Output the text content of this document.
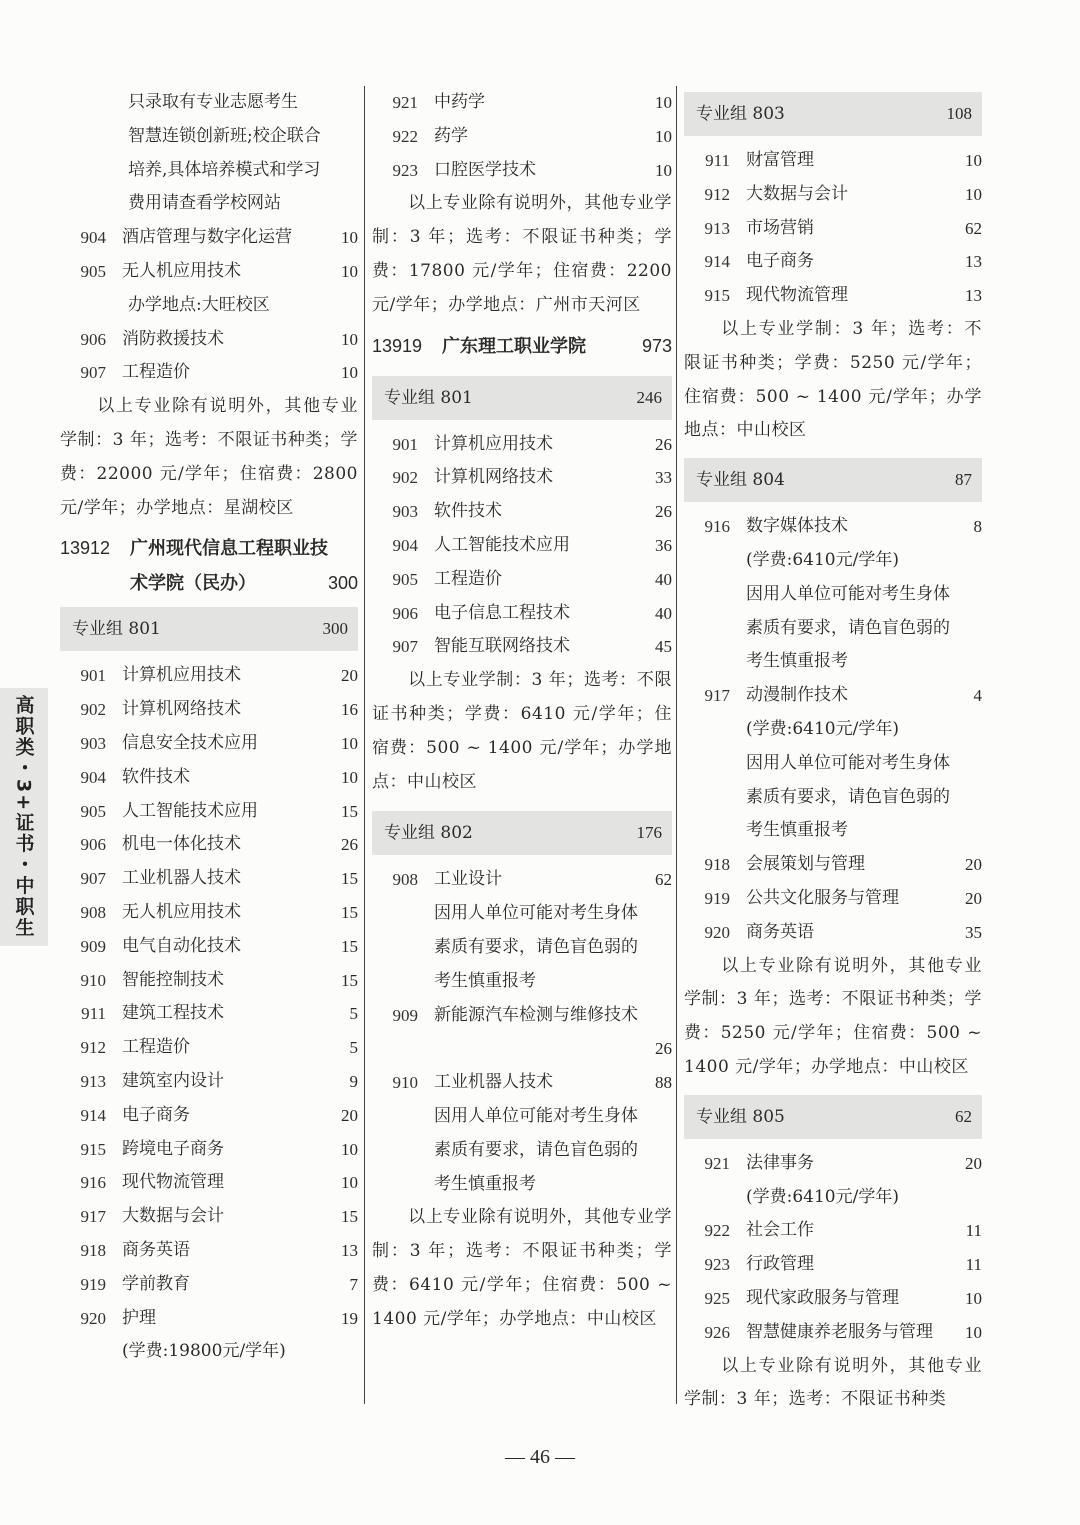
只录取有专业志愿考生
智慧连锁创新班;校企联合
培养,具体培养模式和学习
费用请查看学校网站
904 酒店管理与数字化运营	10
905 无人机应用技术	10
办学地点:大旺校区
906 消防救援技术	10
907 工程造价	10
以上专业除有说明外，其他专业学制：3 年；选考：不限证书种类；学费：22000 元/学年；住宿费：2800 元/学年；办学地点：星湖校区
13912	广州现代信息工程职业技
术学院（民办）	300
专业组 801	300
901 计算机应用技术	20
902 计算机网络技术	16
903 信息安全技术应用	10
904 软件技术	10
905 人工智能技术应用	15
906 机电一体化技术	26
907 工业机器人技术	15
908 无人机应用技术	15
909 电气自动化技术	15
910 智能控制技术	15
911 建筑工程技术	5
912 工程造价	5
913 建筑室内设计	9
914 电子商务	20
915 跨境电子商务	10
916 现代物流管理	10
917 大数据与会计	15
918 商务英语	13
919 学前教育	7
920 护理	19
(学费:19800元/学年)
921 中药学	10
922 药学	10
923 口腔医学技术	10
以上专业除有说明外，其他专业学制：3 年；选考：不限证书种类；学费：17800 元/学年；住宿费：2200 元/学年；办学地点：广州市天河区
13919	广东理工职业学院	973
专业组 801	246
901 计算机应用技术	26
902 计算机网络技术	33
903 软件技术	26
904 人工智能技术应用	36
905 工程造价	40
906 电子信息工程技术	40
907 智能互联网络技术	45
以上专业学制：3 年；选考：不限证书种类；学费：6410 元/学年；住宿费：500 ~ 1400 元/学年；办学地点：中山校区
专业组 802	176
908 工业设计	62
因用人单位可能对考生身体
素质有要求，请色盲色弱的
考生慎重报考
909 新能源汽车检测与维修技术
26
910 工业机器人技术	88
因用人单位可能对考生身体
素质有要求，请色盲色弱的
考生慎重报考
以上专业除有说明外，其他专业学制：3 年；选考：不限证书种类；学费：6410 元/学年；住宿费：500 ~ 1400 元/学年；办学地点：中山校区
专业组 803	108
911 财富管理	10
912 大数据与会计	10
913 市场营销	62
914 电子商务	13
915 现代物流管理	13
以上专业学制：3 年；选考：不限证书种类；学费：5250 元/学年；住宿费：500 ~ 1400 元/学年；办学地点：中山校区
专业组 804	87
916 数字媒体技术	8
(学费:6410元/学年)
因用人单位可能对考生身体
素质有要求，请色盲色弱的
考生慎重报考
917 动漫制作技术	4
(学费:6410元/学年)
因用人单位可能对考生身体
素质有要求，请色盲色弱的
考生慎重报考
918 会展策划与管理	20
919 公共文化服务与管理	20
920 商务英语	35
以上专业除有说明外，其他专业学制：3 年；选考：不限证书种类；学费：5250 元/学年；住宿费：500 ~ 1400 元/学年；办学地点：中山校区
专业组 805	62
921 法律事务	20
(学费:6410元/学年)
922 社会工作	11
923 行政管理	11
925 现代家政服务与管理	10
926 智慧健康养老服务与管理	10
以上专业除有说明外，其他专业学制：3 年；选考：不限证书种类
高职类・3+证书・中职生
— 46 —
